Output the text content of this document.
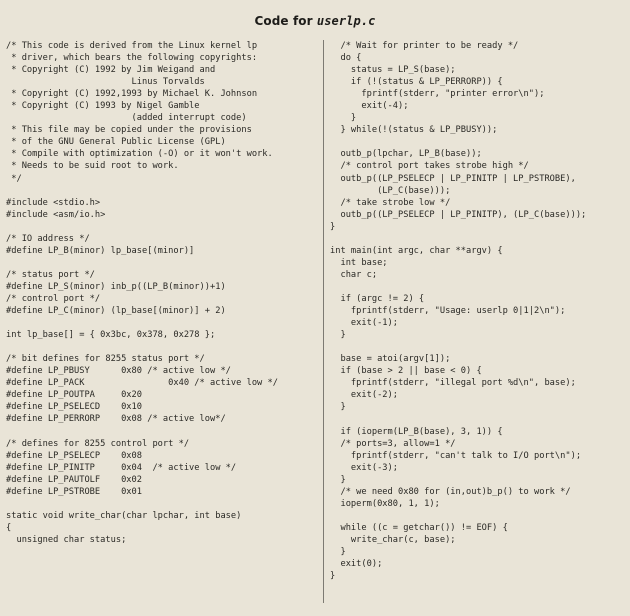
Code for userlp.c
/* This code is derived from the Linux kernel lp
* driver, which bears the following copyrights:
* Copyright (C) 1992 by Jim Weigand and
Linus Torvalds
* Copyright (C) 1992,1993 by Michael K. Johnson
* Copyright (C) 1993 by Nigel Gamble
(added interrupt code)
* This file may be copied under the provisions
* of the GNU General Public License (GPL)
* Compile with optimization (-O) or it won't work.
* Needs to be suid root to work.
*/

#include <stdio.h>
#include <asm/io.h>

/* IO address */
#define LP_B(minor) lp_base[(minor)]

/* status port */
#define LP_S(minor) inb_p((LP_B(minor))+1)
/* control port */
#define LP_C(minor) (lp_base[(minor)] + 2)

int lp_base[] = { 0x3bc, 0x378, 0x278 };

/* bit defines for 8255 status port */
#define LP_PBUSY      0x80 /* active low */
#define LP_PACK                0x40 /* active low */
#define LP_POUTPA     0x20
#define LP_PSELECD    0x10
#define LP_PERRORP    0x08 /* active low*/

/* defines for 8255 control port */
#define LP_PSELECP    0x08
#define LP_PINITP     0x04  /* active low */
#define LP_PAUTOLF    0x02
#define LP_PSTROBE    0x01

static void write_char(char lpchar, int base)
{
unsigned char status;
/* Wait for printer to be ready */
do {
status = LP_S(base);
if (!(status & LP_PERRORP)) {
fprintf(stderr, "printer error\n");
exit(-4);
}
} while(!(status & LP_PBUSY));

outb_p(lpchar, LP_B(base));
/* control port takes strobe high */
outb_p((LP_PSELECP | LP_PINITP | LP_PSTROBE),
(LP_C(base)));
/* take strobe low */
outb_p((LP_PSELECP | LP_PINITP), (LP_C(base)));
}

int main(int argc, char **argv) {
int base;
char c;

if (argc != 2) {
fprintf(stderr, "Usage: userlp 0|1|2\n");
exit(-1);
}

base = atoi(argv[1]);
if (base > 2 || base < 0) {
fprintf(stderr, "illegal port %d\n", base);
exit(-2);
}

if (ioperm(LP_B(base), 3, 1)) {
/* ports=3, allow=1 */
fprintf(stderr, "can't talk to I/O port\n");
exit(-3);
}
/* we need 0x80 for (in,out)b_p() to work */
ioperm(0x80, 1, 1);

while ((c = getchar()) != EOF) {
write_char(c, base);
}
exit(0);
}
